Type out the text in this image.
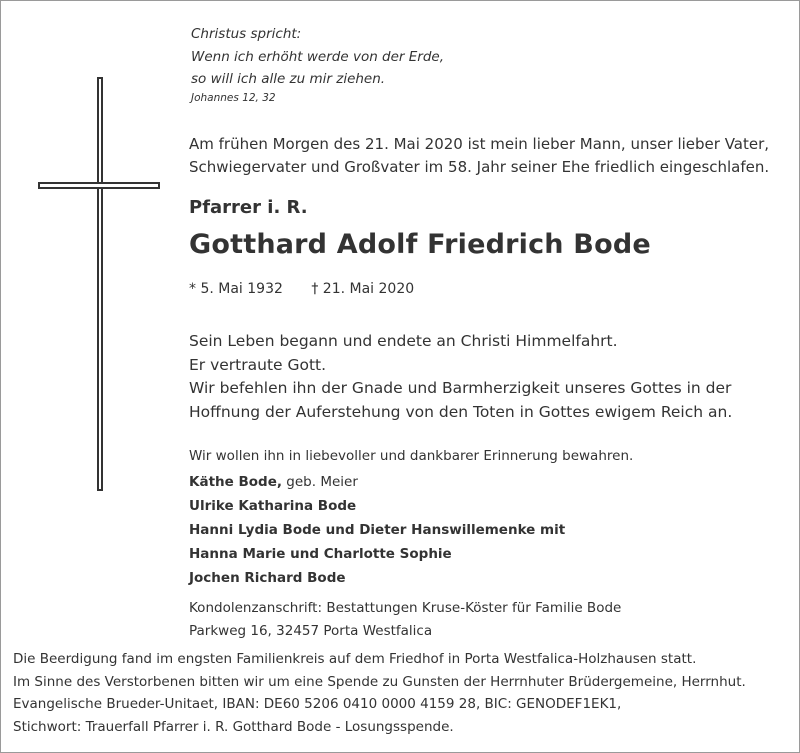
Christus spricht:
Wenn ich erhöht werde von der Erde,
so will ich alle zu mir ziehen.
Johannes 12, 32
Am frühen Morgen des 21. Mai 2020 ist mein lieber Mann, unser lieber Vater,
Schwiegervater und Großvater im 58. Jahr seiner Ehe friedlich eingeschlafen.
Pfarrer i. R.
Gotthard Adolf Friedrich Bode
* 5. Mai 1932 † 21. Mai 2020
Sein Leben begann und endete an Christi Himmelfahrt.
Er vertraute Gott.
Wir befehlen ihn der Gnade und Barmherzigkeit unseres Gottes in der
Hoffnung der Auferstehung von den Toten in Gottes ewigem Reich an.
Wir wollen ihn in liebevoller und dankbarer Erinnerung bewahren.
Käthe Bode, geb. Meier
Ulrike Katharina Bode
Hanni Lydia Bode und Dieter Hanswillemenke mit
Hanna Marie und Charlotte Sophie
Jochen Richard Bode
Kondolenzanschrift: Bestattungen Kruse-Köster für Familie Bode
Parkweg 16, 32457 Porta Westfalica
Die Beerdigung fand im engsten Familienkreis auf dem Friedhof in Porta Westfalica-Holzhausen statt.
Im Sinne des Verstorbenen bitten wir um eine Spende zu Gunsten der Herrnhuter Brüdergemeine, Herrnhut.
Evangelische Brueder-Unitaet, IBAN: DE60 5206 0410 0000 4159 28, BIC: GENODEF1EK1,
Stichwort: Trauerfall Pfarrer i. R. Gotthard Bode - Losungsspende.
